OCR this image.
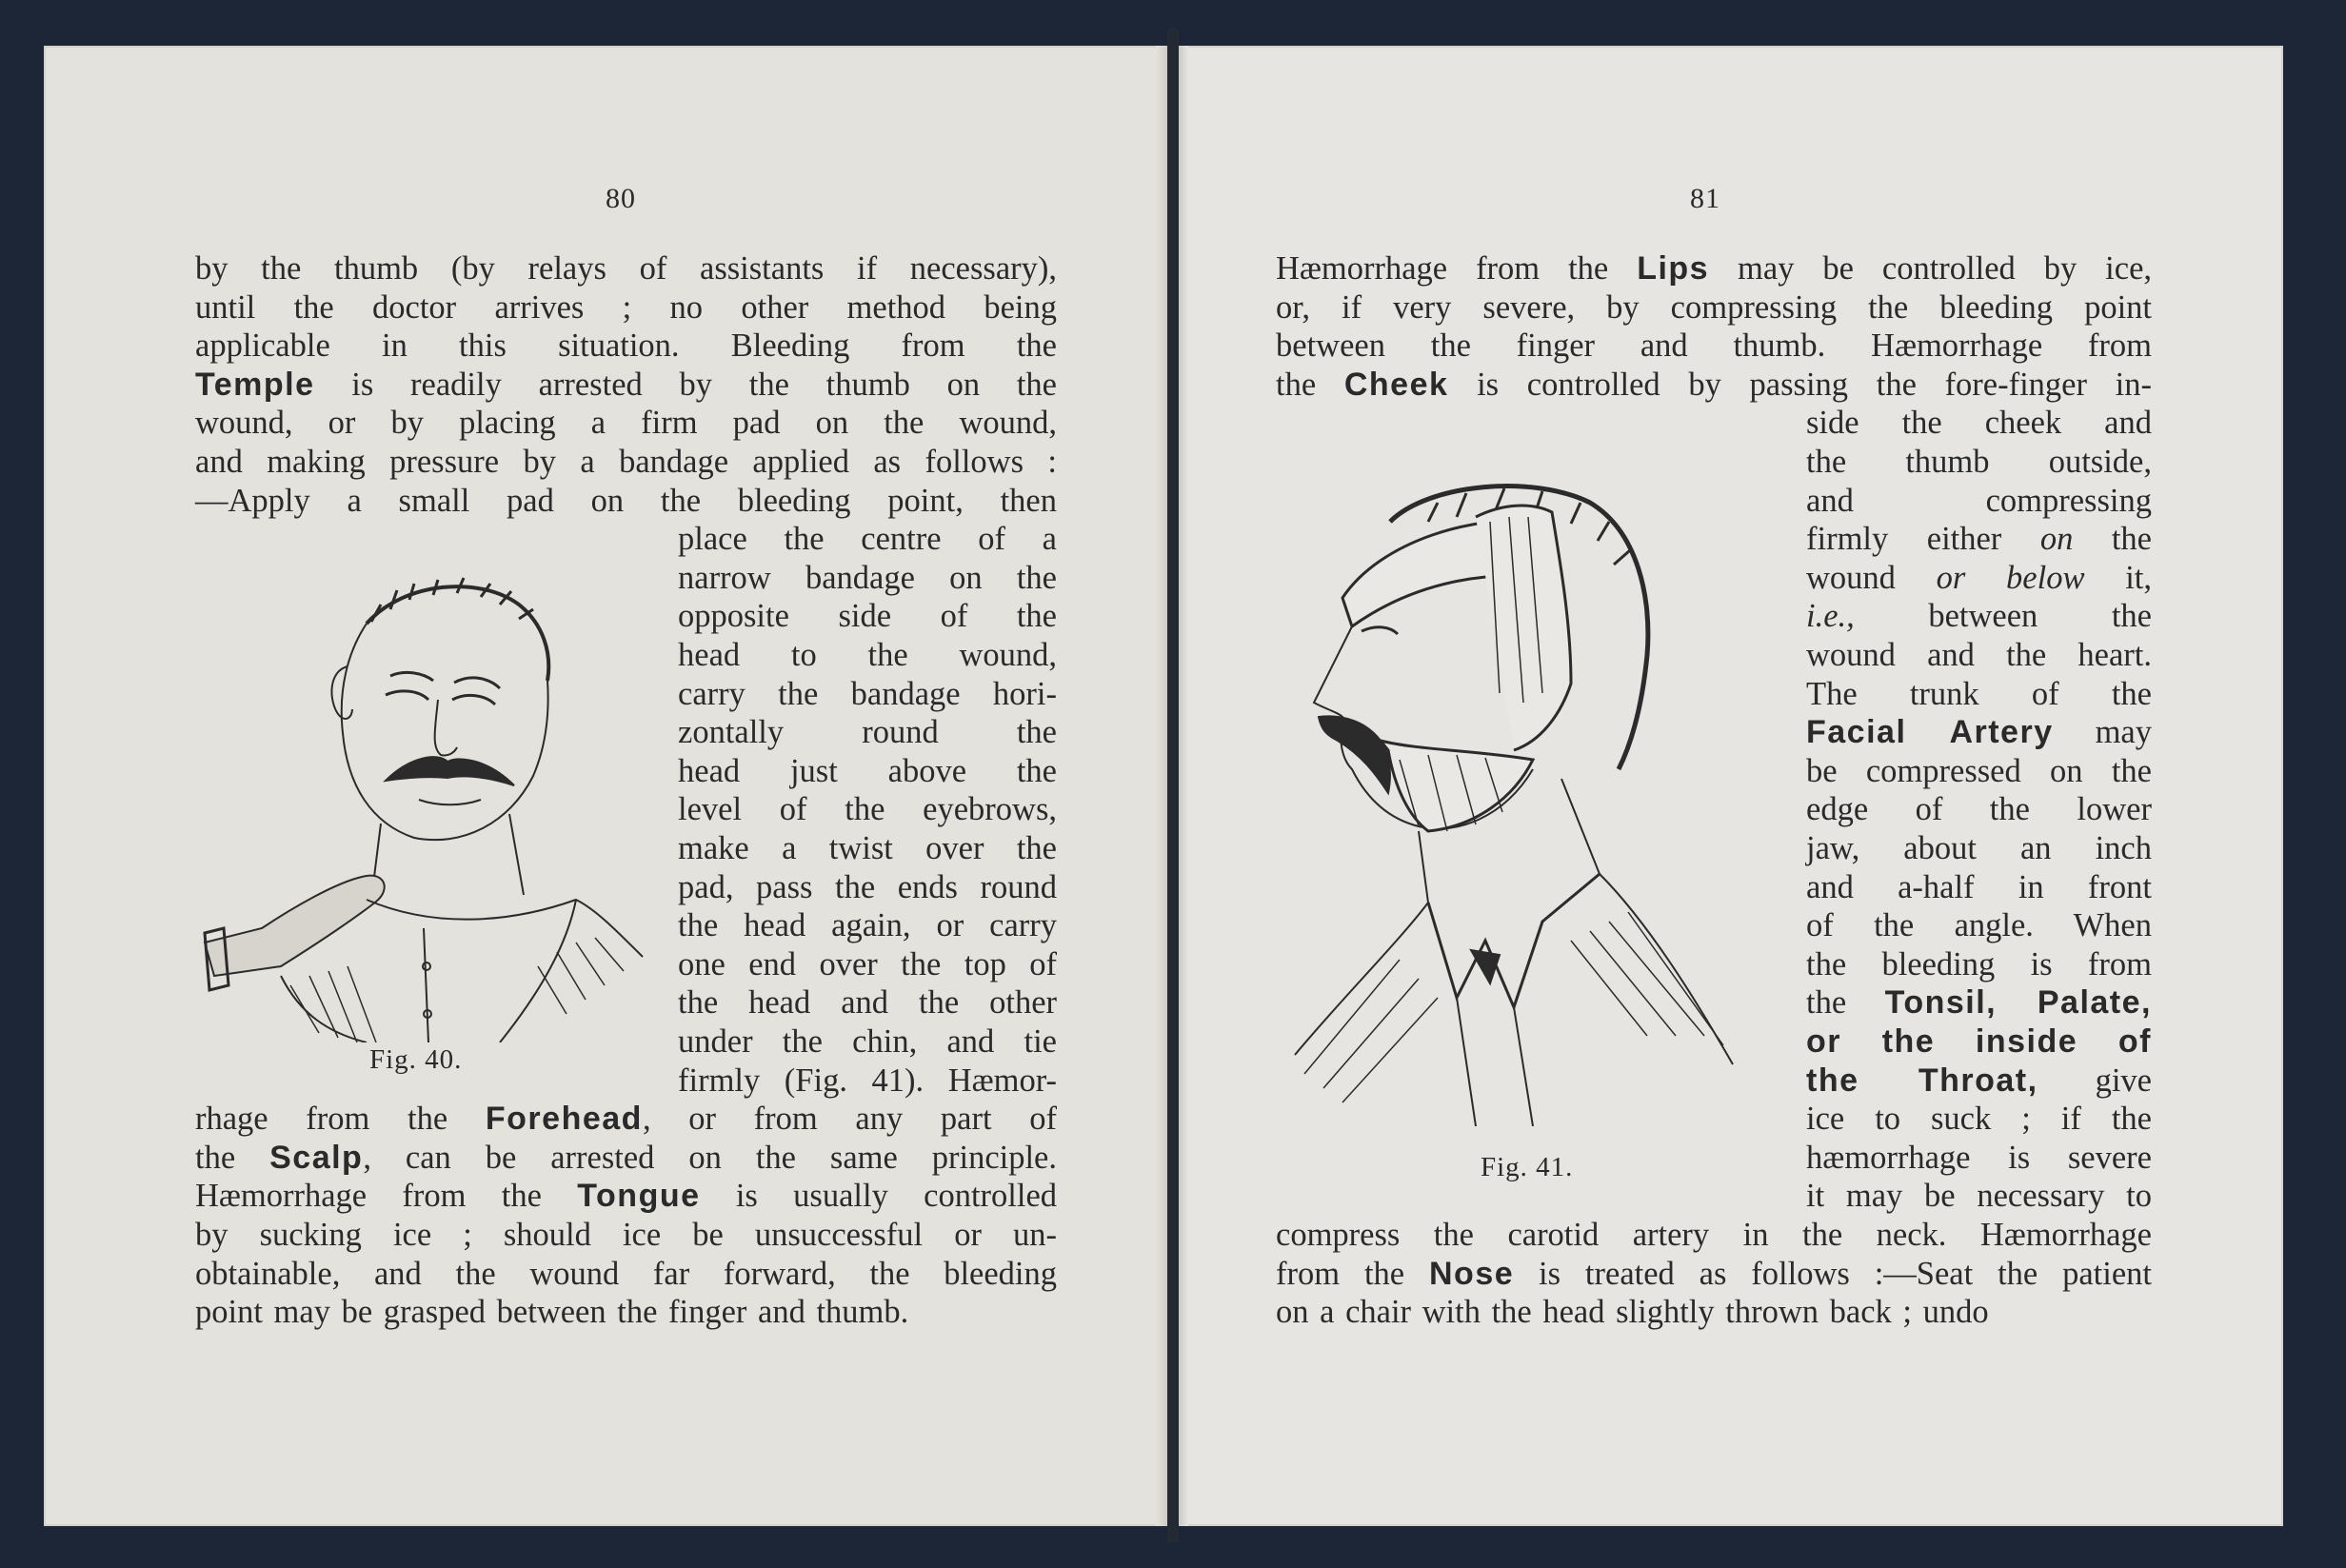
80
Fig. 40.
by the thumb (by relays of assistants if necessary),
until the doctor arrives ; no other method being
applicable in this situation. Bleeding from the
Temple is readily arrested by the thumb on the
wound, or by placing a firm pad on the wound,
and making pressure by a bandage applied as follows :
—Apply a small pad on the bleeding point, then
place the centre of a
narrow bandage on the
opposite side of the
head to the wound,
carry the bandage hori-
zontally round the
head just above the
level of the eyebrows,
make a twist over the
pad, pass the ends round
the head again, or carry
one end over the top of
the head and the other
under the chin, and tie
firmly (Fig. 41). Hæmor-
rhage from the Forehead, or from any part of
the Scalp, can be arrested on the same principle.
Hæmorrhage from the Tongue is usually controlled
by sucking ice ; should ice be unsuccessful or un-
obtainable, and the wound far forward, the bleeding
point may be grasped between the finger and thumb.
81
Fig. 41.
Hæmorrhage from the Lips may be controlled by ice,
or, if very severe, by compressing the bleeding point
between the finger and thumb. Hæmorrhage from
the Cheek is controlled by passing the fore-finger in-
side the cheek and
the thumb outside,
and compressing
firmly either on the
wound or below it,
i.e., between the
wound and the heart.
The trunk of the
Facial Artery may
be compressed on the
edge of the lower
jaw, about an inch
and a-half in front
of the angle. When
the bleeding is from
the Tonsil, Palate,
or the inside of
the Throat, give
ice to suck ; if the
hæmorrhage is severe
it may be necessary to
compress the carotid artery in the neck. Hæmorrhage
from the Nose is treated as follows :—Seat the patient
on a chair with the head slightly thrown back ; undo
